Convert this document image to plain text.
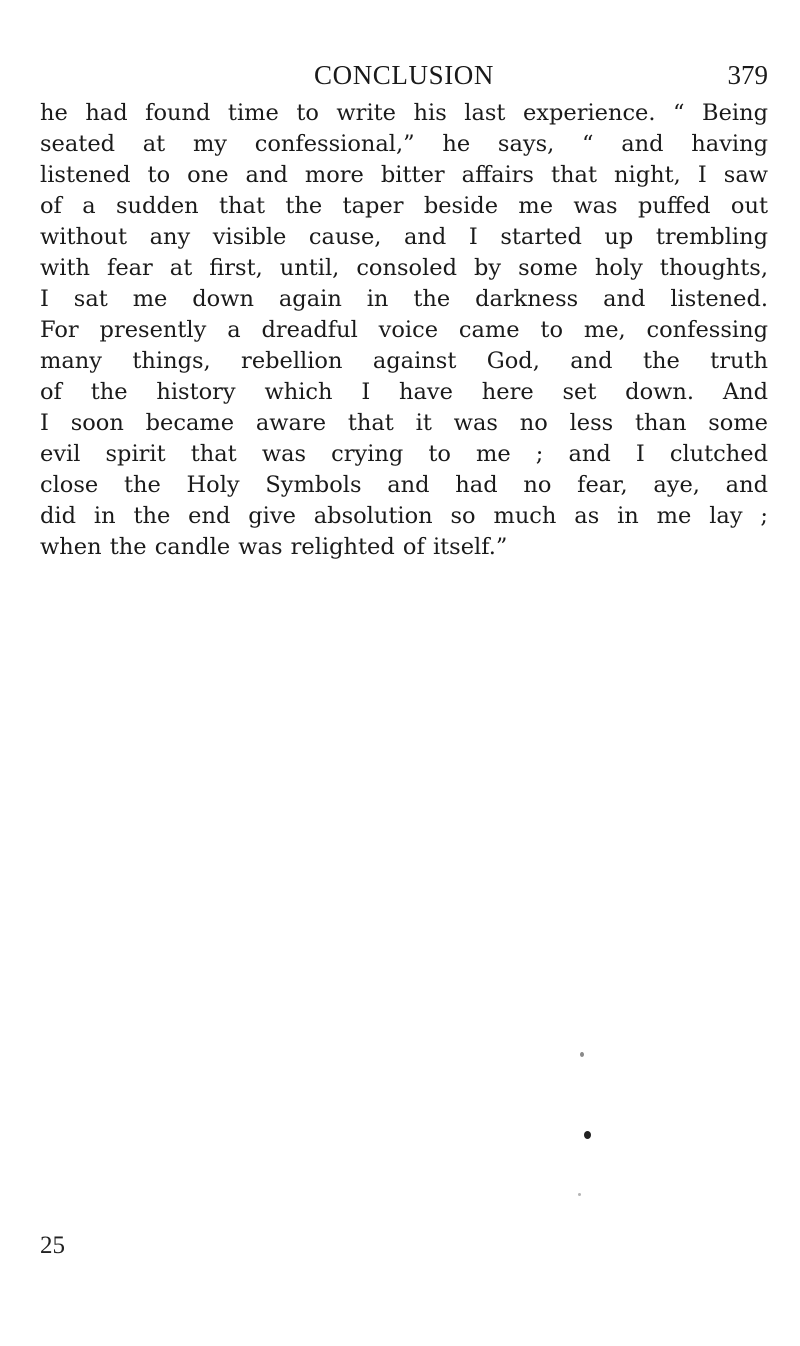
CONCLUSION	379
he had found time to write his last experience. “ Being
seated at my confessional,” he says, “ and having
listened to one and more bitter affairs that night, I saw
of a sudden that the taper beside me was puffed out
without any visible cause, and I started up trembling
with fear at first, until, consoled by some holy thoughts,
I sat me down again in the darkness and listened.
For presently a dreadful voice came to me, confessing
many things, rebellion against God, and the truth
of the history which I have here set down. And
I soon became aware that it was no less than some
evil spirit that was crying to me ; and I clutched
close the Holy Symbols and had no fear, aye, and
did in the end give absolution so much as in me lay ;
when the candle was relighted of itself.”
25
